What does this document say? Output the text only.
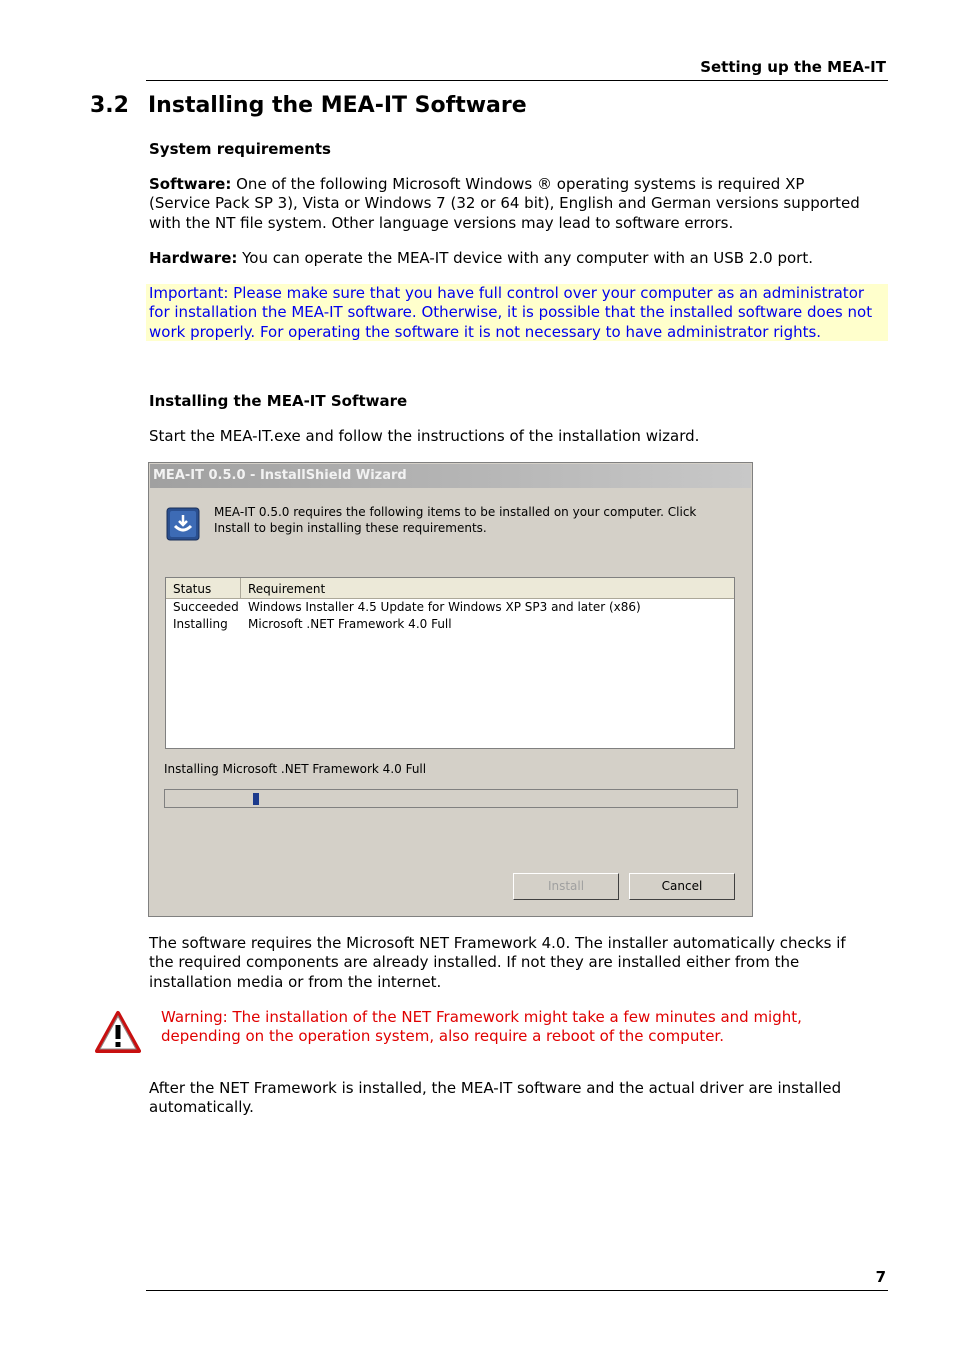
Setting up the MEA-IT
3.2 Installing the MEA-IT Software
System requirements
Software: One of the following Microsoft Windows ® operating systems is required XP (Service Pack SP 3), Vista or Windows 7 (32 or 64 bit), English and German versions supported with the NT file system. Other language versions may lead to software errors.
Hardware: You can operate the MEA-IT device with any computer with an USB 2.0 port.
Important: Please make sure that you have full control over your computer as an administrator for installation the MEA-IT software. Otherwise, it is possible that the installed software does not work properly. For operating the software it is not necessary to have administrator rights.
Installing the MEA-IT Software
Start the MEA-IT.exe and follow the instructions of the installation wizard.
MEA-IT 0.5.0 - InstallShield Wizard
MEA-IT 0.5.0 requires the following items to be installed on your computer. Click Install to begin installing these requirements.
Status	Requirement
Succeeded Windows Installer 4.5 Update for Windows XP SP3 and later (x86)
Installing Microsoft .NET Framework 4.0 Full
Installing Microsoft .NET Framework 4.0 Full
Install	Cancel
The software requires the Microsoft NET Framework 4.0. The installer automatically checks if the required components are already installed. If not they are installed either from the installation media or from the internet.
Warning: The installation of the NET Framework might take a few minutes and might, depending on the operation system, also require a reboot of the computer.
After the NET Framework is installed, the MEA-IT software and the actual driver are installed automatically.
7
